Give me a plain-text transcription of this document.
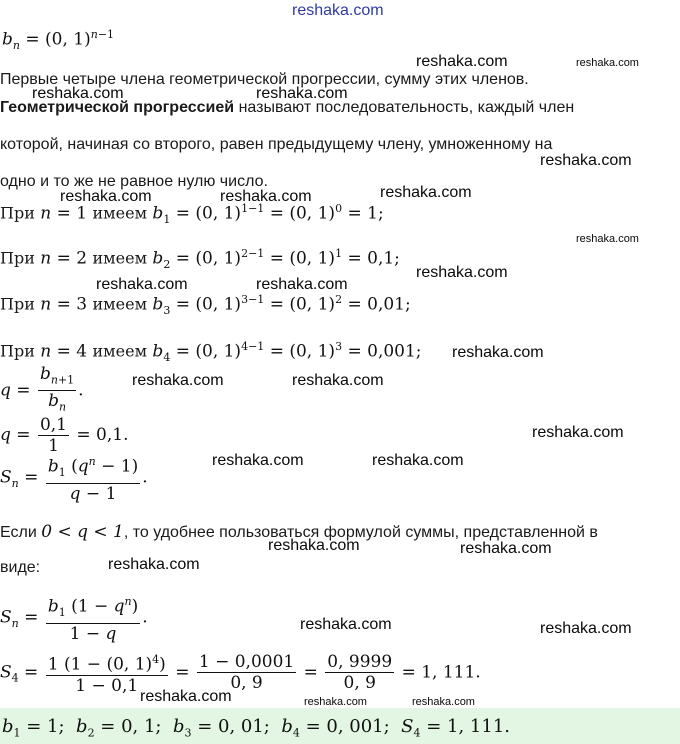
reshaka.com
reshaka.com	reshaka.com
reshaka.com	reshaka.com
reshaka.com
reshaka.com	reshaka.com	reshaka.com
reshaka.com
reshaka.com
reshaka.com	reshaka.com
reshaka.com
reshaka.com	reshaka.com
reshaka.com
reshaka.com	reshaka.com
reshaka.com	reshaka.com
reshaka.com
reshaka.com	reshaka.com
reshaka.com	reshaka.com	reshaka.com
$b_n = (0$, 1)$^{n-1}$
Первые четыре члена геометрической прогрессии, сумму этих членов.
Геометрической прогрессией называют последовательность, каждый член
которой, начиная со второго, равен предыдущему члену, умноженному на
одно и то же не равное нулю число.
При n = 1 имеем $b_1 = (0$, 1)$^{1-1}$ = (0, 1)$^0$ = 1;
При n = 2 имеем $b_2 = (0$, 1)$^{2-1}$ = (0, 1)$^1$ = 0,1;
При n = 3 имеем $b_3 = (0$, 1)$^{3-1}$ = (0, 1)$^2$ = 0,01;
При n = 4 имеем $b_4 = (0$, 1)$^{4-1}$ = (0, 1)$^3$ = 0,001;
$q = \frac{b_{n+1}}{b_n}$ .
$q = \frac{0,1}{1} = 0,1$.
$S_n = \frac{b_1 (q^n - 1)}{q - 1}$ .
Если 0 < q < 1, то удобнее пользоваться формулой суммы, представленной в
виде:
$S_n = \frac{b_1 (1 - q^n)}{1 - q}$ .
$S_4 = \frac{1 (1 - (0, 1)^4)}{1 - 0,1} = \frac{1 - 0,0001}{0, 9} = \frac{0, 9999}{0, 9} = 1$, 111.
$b_1 = 1$;  $b_2 = 0$, 1;  $b_3 = 0$, 01;  $b_4 = 0$, 001;  $S_4 = 1$, 111.
